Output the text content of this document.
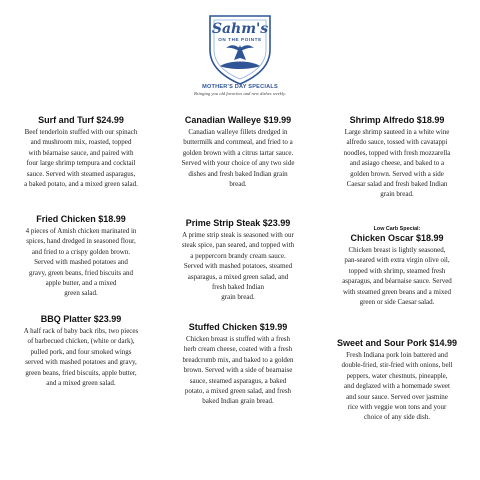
Sahm's
ON THE POINTE
MOTHER'S DAY SPECIALS
Bringing you old favorites and new dishes weekly.
Surf and Turf $24.99
Beef tenderloin stuffed with our spinach
and mushroom mix, roasted, topped
with béarnaise sauce, and paired with
four large shrimp tempura and cocktail
sauce. Served with steamed asparagus,
a baked potato, and a mixed green salad.
Canadian Walleye $19.99
Canadian walleye fillets dredged in
buttermilk and cornmeal, and fried to a
golden brown with a citrus tartar sauce.
Served with your choice of any two side
dishes and fresh baked Indian grain
bread.
Shrimp Alfredo $18.99
Large shrimp sauteed in a white wine
alfredo sauce, tossed with cavatappi
noodles, topped with fresh mozzarella
and asiago cheese, and baked to a
golden brown. Served with a side
Caesar salad and fresh baked Indian
grain bread.
Fried Chicken $18.99
4 pieces of Amish chicken marinated in
spices, hand dredged in seasoned flour,
and fried to a crispy golden brown.
Served with mashed potatoes and
gravy, green beans, fried biscuits and
apple butter, and a mixed
green salad.
Prime Strip Steak $23.99
A prime strip steak is seasoned with our
steak spice, pan seared, and topped with
a peppercorn brandy cream sauce.
Served with mashed potatoes, steamed
asparagus, a mixed green salad, and
fresh baked Indian
grain bread.
Low Carb Special:
Chicken Oscar $18.99
Chicken breast is lightly seasoned,
pan-seared with extra virgin olive oil,
topped with shrimp, steamed fresh
asparagus, and béarnaise sauce. Served
with steamed green beans and a mixed
green or side Caesar salad.
BBQ Platter $23.99
A half rack of baby back ribs, two pieces
of barbecued chicken, (white or dark),
pulled pork, and four smoked wings
served with mashed potatoes and gravy,
green beans, fried biscuits, apple butter,
and a mixed green salad.
Stuffed Chicken $19.99
Chicken breast is stuffed with a fresh
herb cream cheese, coated with a fresh
breadcrumb mix, and baked to a golden
brown. Served with a side of bearnaise
sauce, steamed asparagus, a baked
potato, a mixed green salad, and fresh
baked Indian grain bread.
Sweet and Sour Pork $14.99
Fresh Indiana pork loin battered and
double-fried, stir-fried with onions, bell
peppers, water chestnuts, pineapple,
and deglazed with a homemade sweet
and sour sauce. Served over jasmine
rice with veggie won tons and your
choice of any side dish.
